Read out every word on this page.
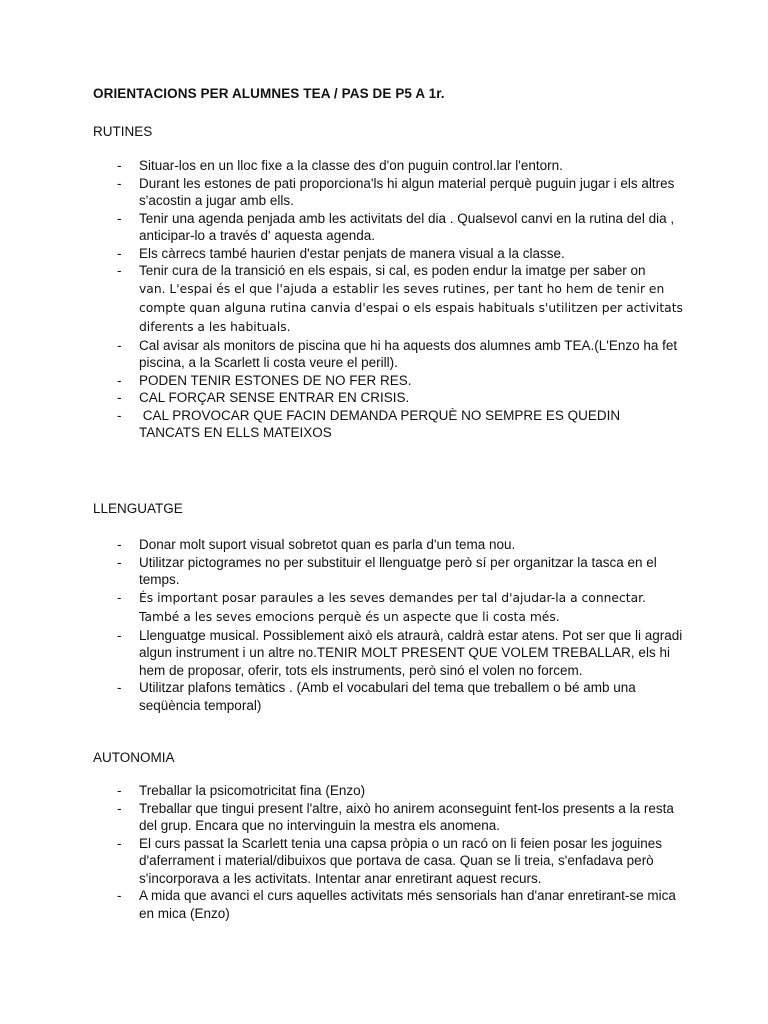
ORIENTACIONS PER ALUMNES TEA / PAS DE P5 A 1r.
RUTINES
- Situar-los en un lloc fixe a la classe des d'on puguin control.lar l'entorn.
- Durant les estones de pati proporciona'ls hi algun material perquè puguin jugar i els altres s'acostin a jugar amb ells.
- Tenir una agenda penjada amb les activitats del dia . Qualsevol canvi en la rutina del dia , anticipar-lo a través d' aquesta agenda.
- Els càrrecs també haurien d'estar penjats de manera visual a la classe.
- Tenir cura de la transició en els espais, si cal, es poden endur la imatge per saber on
van. L'espai és el que l'ajuda a establir les seves rutines, per tant ho hem de tenir en compte quan alguna rutina canvia d'espai o els espais habituals s'utilitzen per activitats diferents a les habituals.
- Cal avisar als monitors de piscina que hi ha aquests dos alumnes amb TEA.(L'Enzo ha fet piscina, a la Scarlett li costa veure el perill).
- PODEN TENIR ESTONES DE NO FER RES.
- CAL FORÇAR SENSE ENTRAR EN CRISIS.
-  CAL PROVOCAR QUE FACIN DEMANDA PERQUÈ NO SEMPRE ES QUEDIN TANCATS EN ELLS MATEIXOS
LLENGUATGE
- Donar molt suport visual sobretot quan es parla d'un tema nou.
- Utilitzar pictogrames no per substituir el llenguatge però sí per organitzar la tasca en el temps.
- És important posar paraules a les seves demandes per tal d'ajudar-la a connectar. També a les seves emocions perquè és un aspecte que li costa més.
- Llenguatge musical. Possiblement això els atraurà, caldrà estar atens. Pot ser que li agradi algun instrument i un altre no.TENIR MOLT PRESENT QUE VOLEM TREBALLAR, els hi hem de proposar, oferir, tots els instruments, però sinó el volen no forcem.
- Utilitzar plafons temàtics . (Amb el vocabulari del tema que treballem o bé amb una seqüència temporal)
AUTONOMIA
- Treballar la psicomotricitat fina (Enzo)
- Treballar que tingui present l'altre, això ho anirem aconseguint fent-los presents a la resta del grup. Encara que no intervinguin la mestra els anomena.
- El curs passat la Scarlett tenia una capsa pròpia o un racó on li feien posar les joguines d'aferrament i material/dibuixos que portava de casa. Quan se li treia, s'enfadava però s'incorporava a les activitats. Intentar anar enretirant aquest recurs.
- A mida que avanci el curs aquelles activitats més sensorials han d'anar enretirant-se mica en mica (Enzo)
